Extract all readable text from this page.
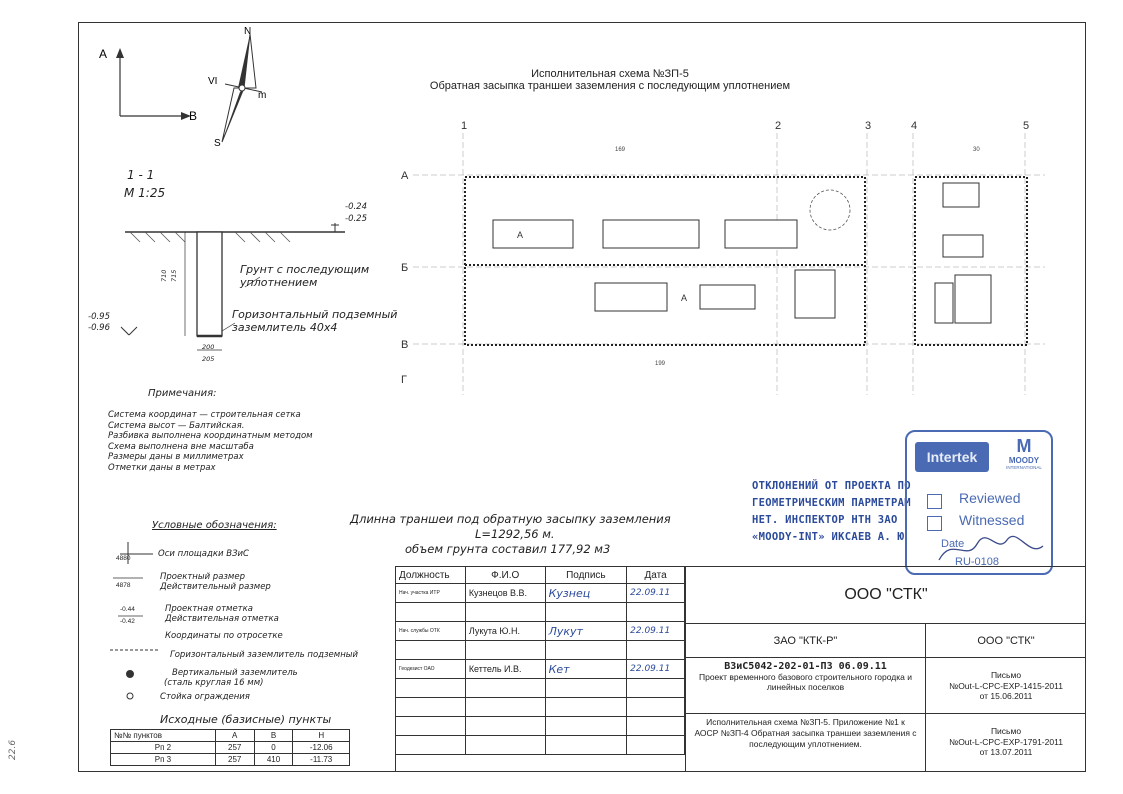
Исполнительная схема №ЗП-5
Обратная засыпка траншеи заземления с последующим уплотнением
A
B
N
S
VI
m
1 - 1
М 1:25
-0.24
-0.25
-0.95
-0.96
710 715
200
205
Грунт с последующим уплотнением
Горизонтальный подземный заземлитель 40х4
Примечания:
Система координат — строительная сетка
Система высот — Балтийская.
Разбивка выполнена координатным методом
Схема выполнена вне масштаба
Размеры даны в миллиметрах
Отметки даны в метрах
Условные обозначения:
4880
4878
-0.44
-0.42
Оси площадки ВЗиС
Проектный размер
Действительный размер
Проектная отметка
Действительная отметка
Координаты по отросетке
Горизонтальный заземлитель подземный
Вертикальный заземлитель
(сталь круглая 16 мм)
Стойка ограждения
Исходные (базисные) пункты
№№ пунктов	А	В	Н
Рп 2	257	0	-12.06
Рп 3	257	410	-11.73
1	2	3	4	5
А
Б
В
Г
169
199
30
А
А
Длинна траншеи под обратную засыпку заземления
L=1292,56 м.
объем грунта составил 177,92 м3
ОТКЛОНЕНИЙ ОТ ПРОЕКТА ПО
ГЕОМЕТРИЧЕСКИМ ПАРМЕТРАМ
НЕТ. ИНСПЕКТОР НТН ЗАО
«MOODY-INT» ИКСАЕВ А. Ю
Intertek
M
MOODY
INTERNATIONAL
Reviewed
Witnessed
Date
RU-0108
Должность	Ф.И.О	Подпись	Дата
Нач. участка ИТР	Кузнецов В.В.	Кузнец	22.09.11

Нач. службы ОТК	Лукута Ю.Н.	Лукут	22.09.11

Геодезист ОАО	Кеттель И.В.	Кет	22.09.11

ООО "СТК"
ЗАО "КТК-Р"	ООО "СТК"
ВЗиС5042-202-01-ПЗ 06.09.11
Проект временного базового строительного городка и линейных поселков
Письмо
№Out-L-CPC-EXP-1415-2011
от 15.06.2011
Исполнительная схема №ЗП-5. Приложение №1 к АОСР №ЗП-4 Обратная засыпка траншеи заземления с последующим уплотнением.
Письмо
№Out-L-CPC-EXP-1791-2011
от 13.07.2011
22.6
